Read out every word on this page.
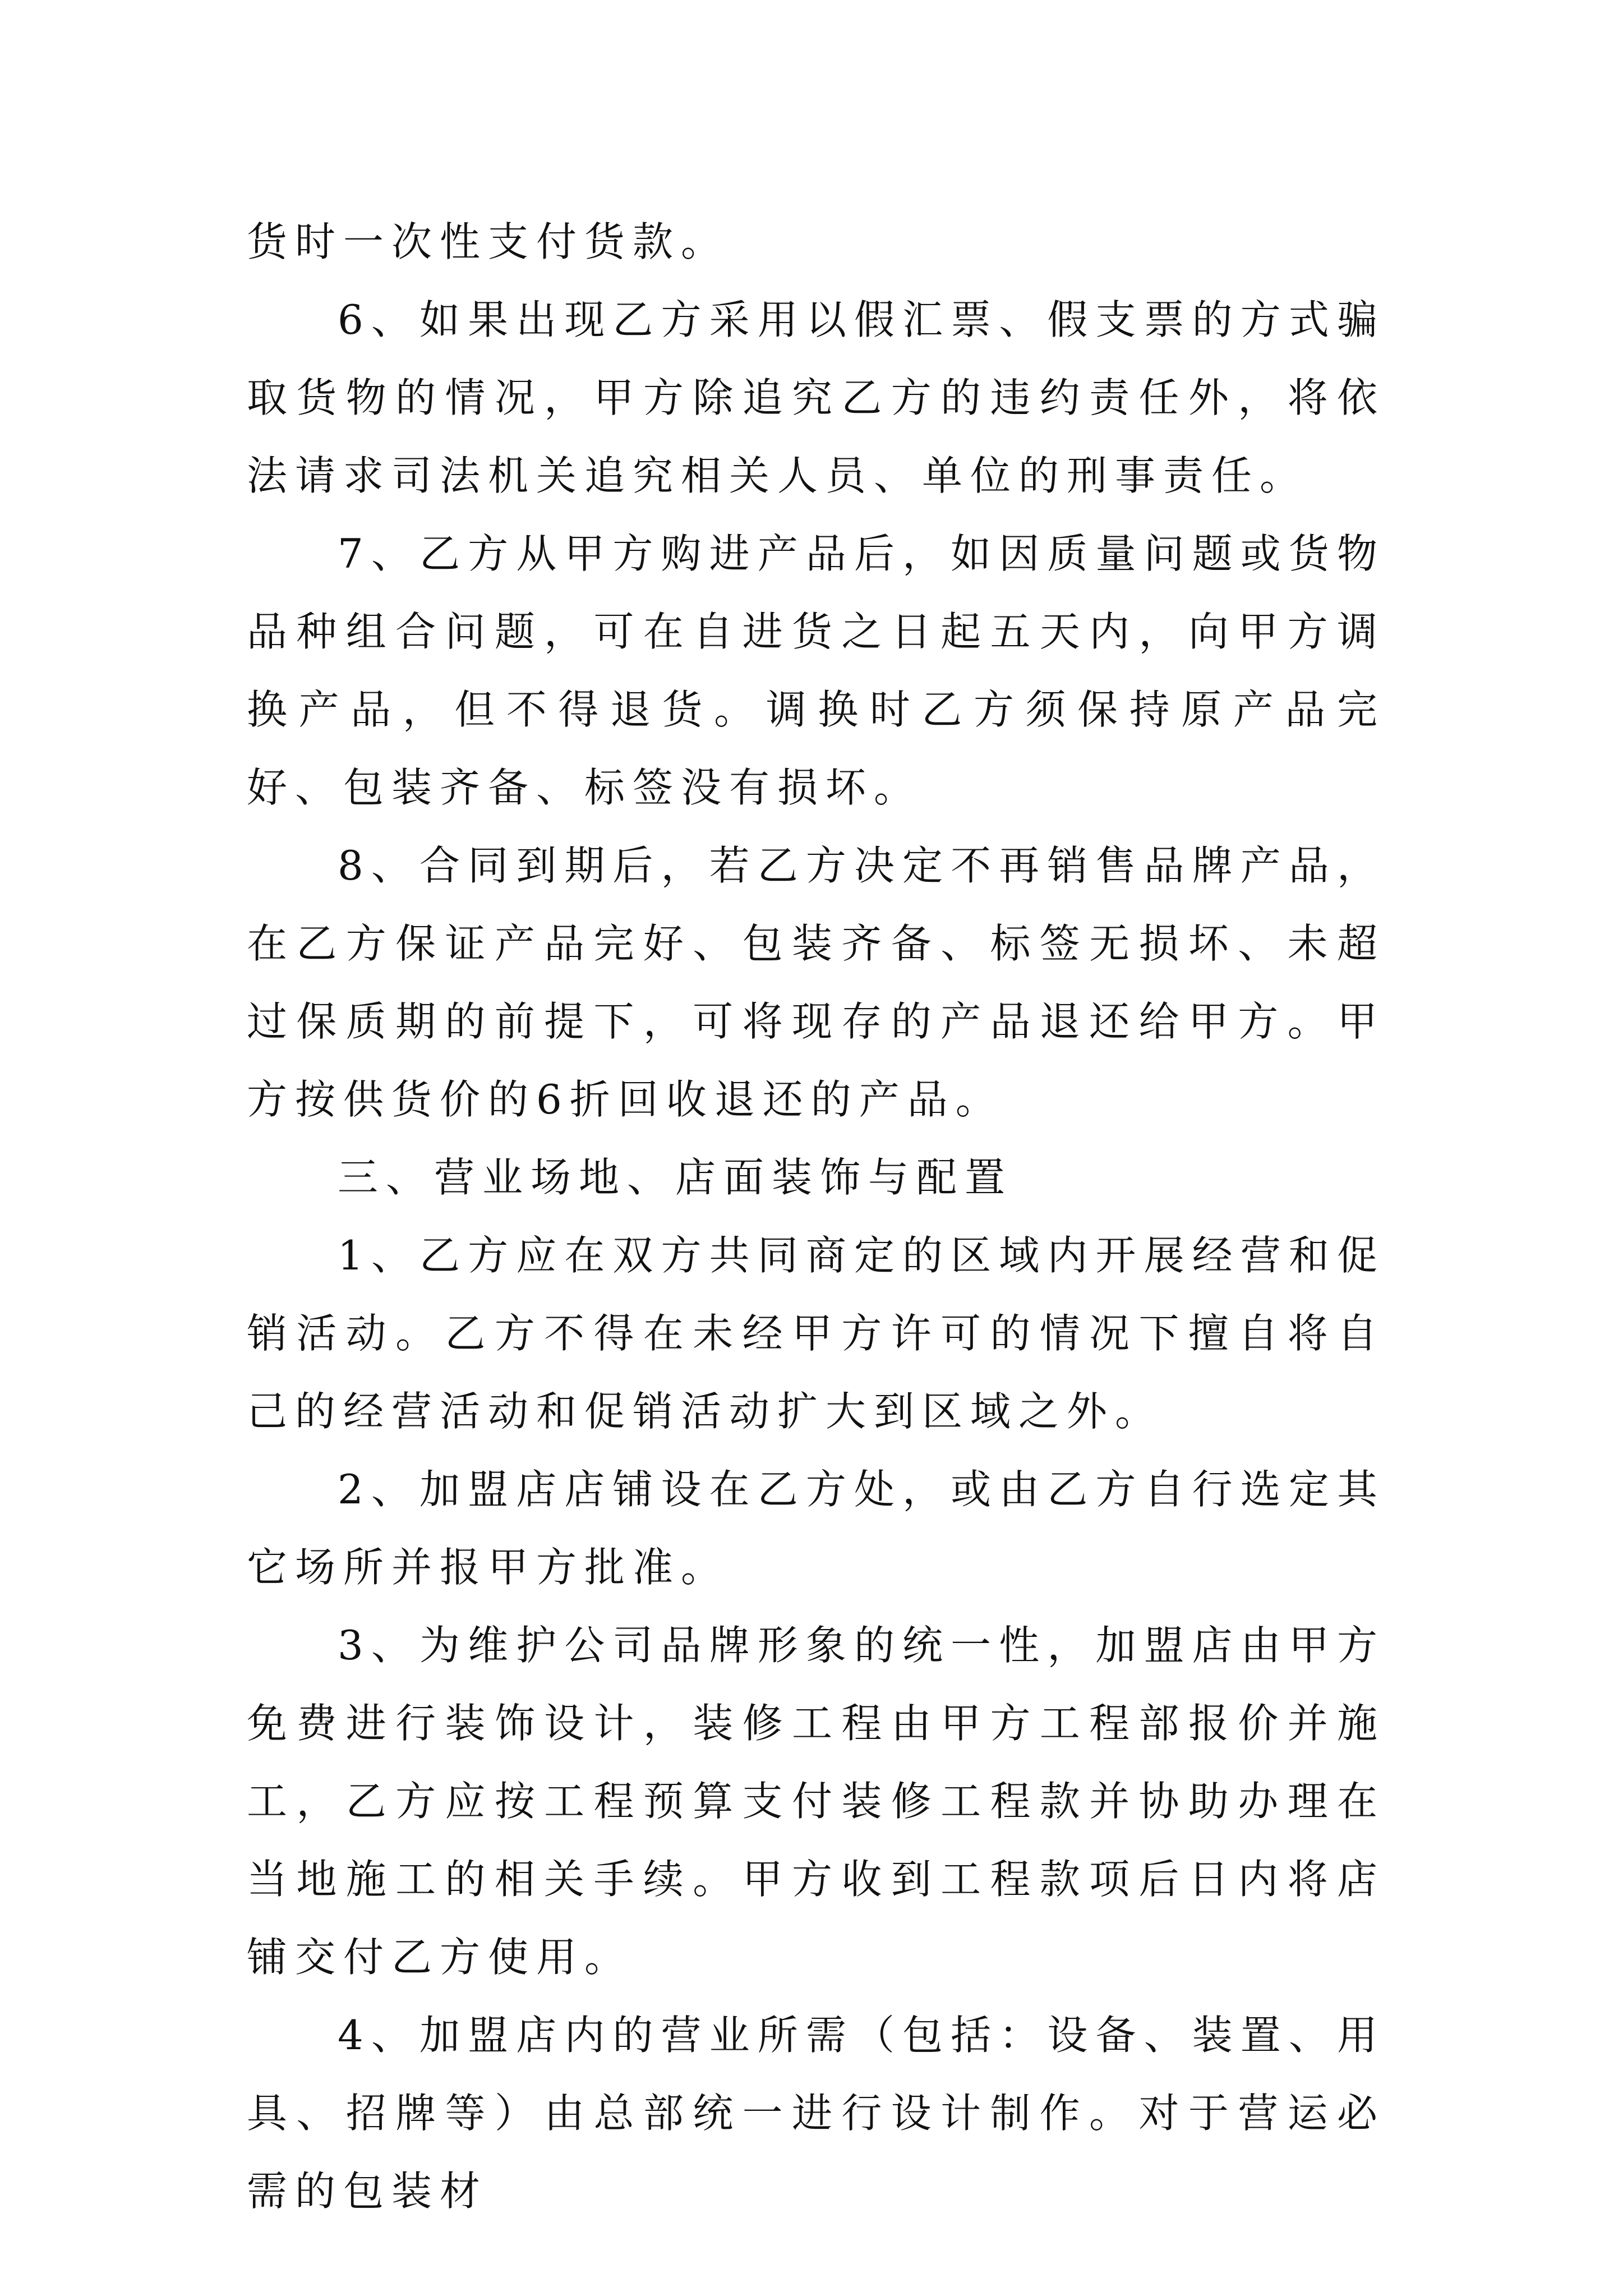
货时一次性支付货款。

6、如果出现乙方采用以假汇票、假支票的方式骗取货物的情况，甲方除追究乙方的违约责任外，将依法请求司法机关追究相关人员、单位的刑事责任。

7、乙方从甲方购进产品后，如因质量问题或货物品种组合问题，可在自进货之日起五天内，向甲方调换产品，但不得退货。调换时乙方须保持原产品完好、包装齐备、标签没有损坏。

8、合同到期后，若乙方决定不再销售品牌产品，在乙方保证产品完好、包装齐备、标签无损坏、未超过保质期的前提下，可将现存的产品退还给甲方。甲方按供货价的6折回收退还的产品。

三、营业场地、店面装饰与配置

1、乙方应在双方共同商定的区域内开展经营和促销活动。乙方不得在未经甲方许可的情况下擅自将自己的经营活动和促销活动扩大到区域之外。

2、加盟店店铺设在乙方处，或由乙方自行选定其它场所并报甲方批准。

3、为维护公司品牌形象的统一性，加盟店由甲方免费进行装饰设计，装修工程由甲方工程部报价并施工，乙方应按工程预算支付装修工程款并协助办理在当地施工的相关手续。甲方收到工程款项后日内将店铺交付乙方使用。

4、加盟店内的营业所需（包括：设备、装置、用具、招牌等）由总部统一进行设计制作。对于营运必需的包装材
